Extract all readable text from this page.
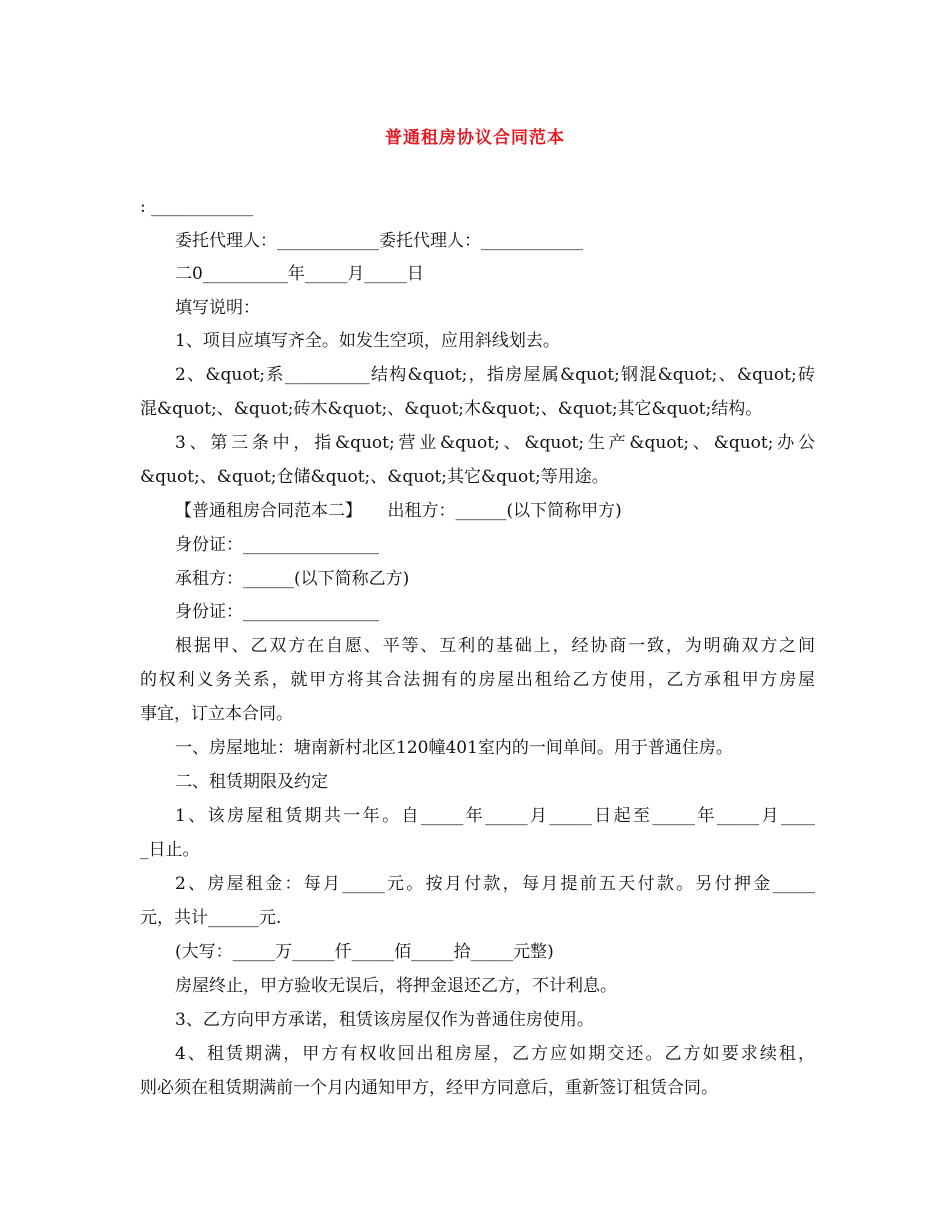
普通租房协议合同范本
: ____________
委托代理人：____________委托代理人：____________
二0__________年_____月_____日
填写说明：
1、项目应填写齐全。如发生空项，应用斜线划去。
2、&quot;系__________结构&quot;，指房屋属&quot;钢混&quot;、&quot;砖
混&quot;、&quot;砖木&quot;、&quot;木&quot;、&quot;其它&quot;结构。
3、第三条中，指&quot;营业&quot;、&quot;生产&quot;、&quot;办公
&quot;、&quot;仓储&quot;、&quot;其它&quot;等用途。
【普通租房合同范本二】　　出租方：______(以下简称甲方)
身份证：________________
承租方：______(以下简称乙方)
身份证：________________
根据甲、乙双方在自愿、平等、互利的基础上，经协商一致，为明确双方之间
的权利义务关系，就甲方将其合法拥有的房屋出租给乙方使用，乙方承租甲方房屋
事宜，订立本合同。
一、房屋地址：塘南新村北区120幢401室内的一间单间。用于普通住房。
二、租赁期限及约定
1、该房屋租赁期共一年。自_____年_____月_____日起至_____年_____月____
_日止。
2、房屋租金：每月_____元。按月付款，每月提前五天付款。另付押金_____
元，共计______元.
(大写：_____万_____仟_____佰_____拾_____元整)
房屋终止，甲方验收无误后，将押金退还乙方，不计利息。
3、乙方向甲方承诺，租赁该房屋仅作为普通住房使用。
4、租赁期满，甲方有权收回出租房屋，乙方应如期交还。乙方如要求续租，
则必须在租赁期满前一个月内通知甲方，经甲方同意后，重新签订租赁合同。
